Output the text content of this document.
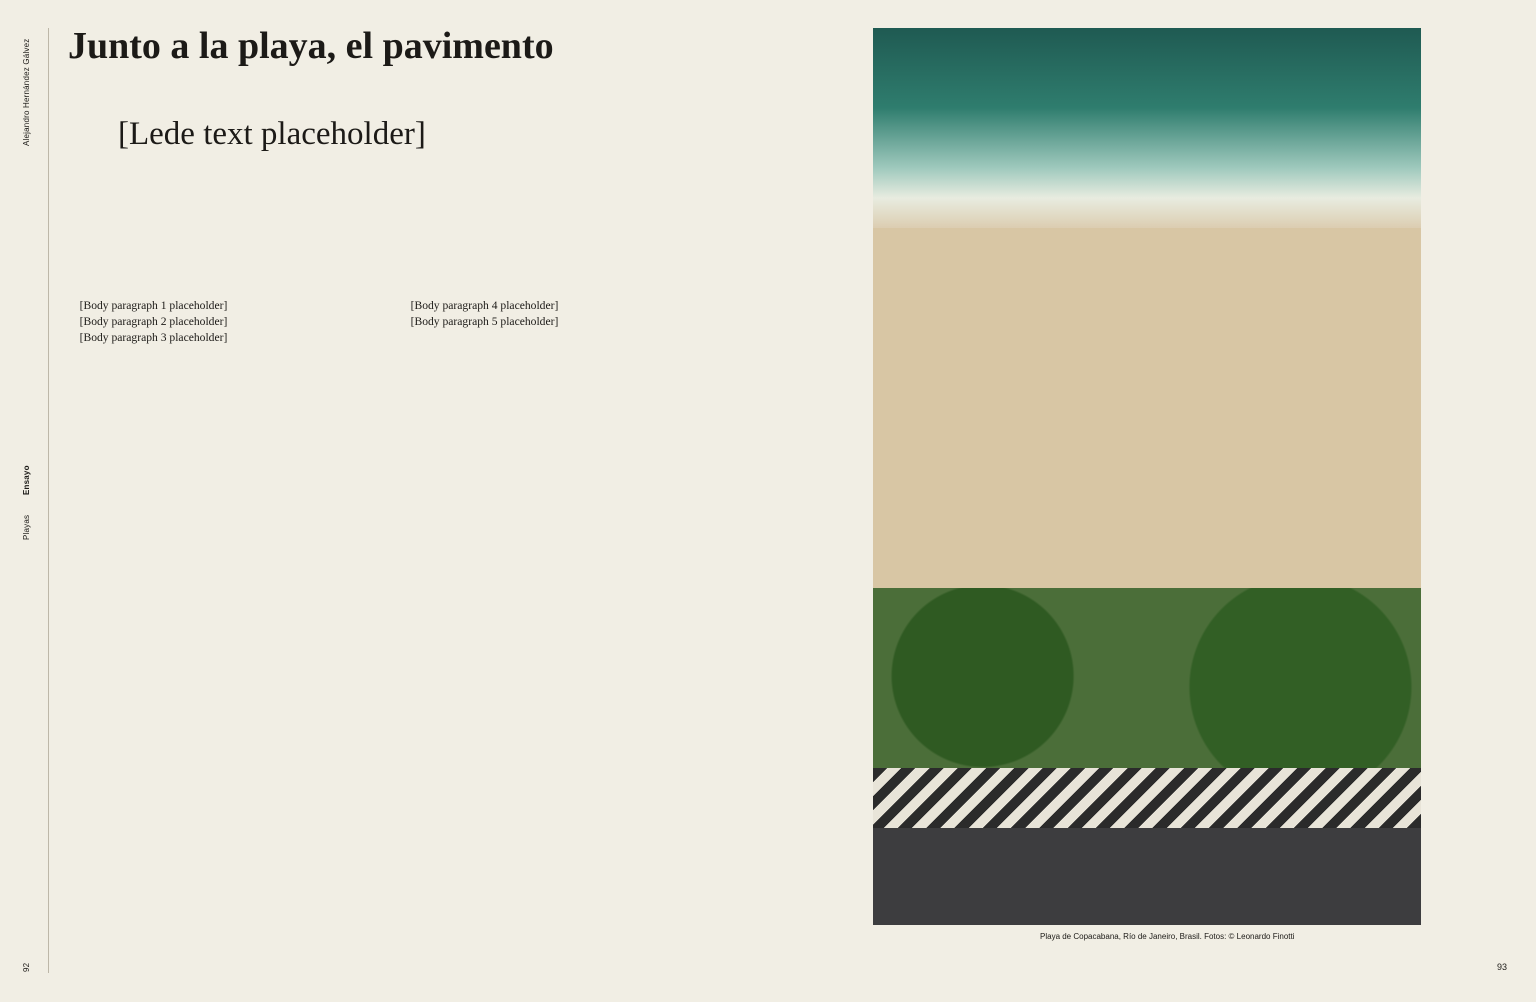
Alejandro Hernández Gálvez
Ensayo
Playas
92
Junto a la playa, el pavimento

[Lede text placeholder]

[Body paragraph 1 placeholder]

[Body paragraph 2 placeholder]

[Body paragraph 3 placeholder]

[Body paragraph 4 placeholder]

[Body paragraph 5 placeholder]

Playa de Copacabana, Río de Janeiro, Brasil. Fotos: © Leonardo Finotti
93
